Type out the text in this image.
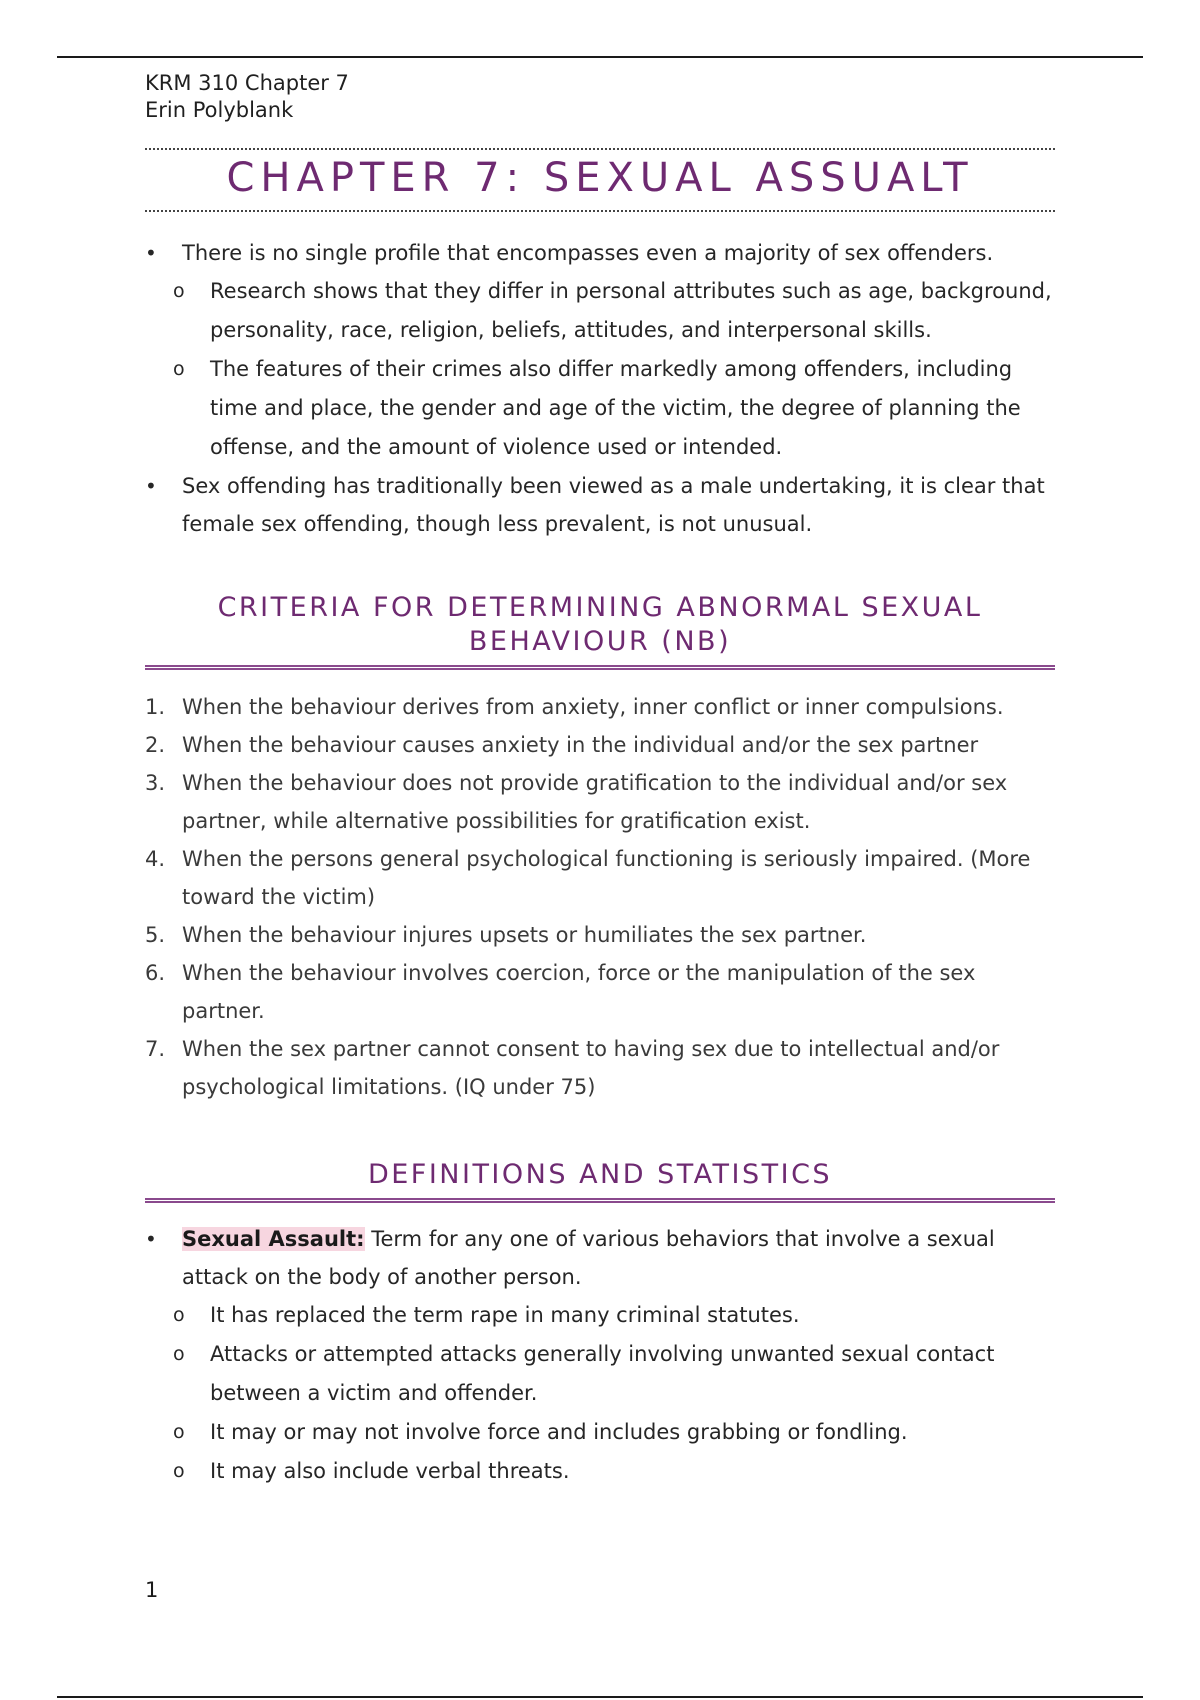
KRM 310 Chapter 7
Erin Polyblank
CHAPTER 7: SEXUAL ASSUALT
• There is no single profile that encompasses even a majority of sex offenders.
o Research shows that they differ in personal attributes such as age, background, personality, race, religion, beliefs, attitudes, and interpersonal skills.
o The features of their crimes also differ markedly among offenders, including time and place, the gender and age of the victim, the degree of planning the offense, and the amount of violence used or intended.
• Sex offending has traditionally been viewed as a male undertaking, it is clear that female sex offending, though less prevalent, is not unusual.
CRITERIA FOR DETERMINING ABNORMAL SEXUAL BEHAVIOUR (NB)
1. When the behaviour derives from anxiety, inner conflict or inner compulsions.
2. When the behaviour causes anxiety in the individual and/or the sex partner
3. When the behaviour does not provide gratification to the individual and/or sex partner, while alternative possibilities for gratification exist.
4. When the persons general psychological functioning is seriously impaired. (More toward the victim)
5. When the behaviour injures upsets or humiliates the sex partner.
6. When the behaviour involves coercion, force or the manipulation of the sex partner.
7. When the sex partner cannot consent to having sex due to intellectual and/or psychological limitations. (IQ under 75)
DEFINITIONS AND STATISTICS
• Sexual Assault: Term for any one of various behaviors that involve a sexual attack on the body of another person.
o It has replaced the term rape in many criminal statutes.
o Attacks or attempted attacks generally involving unwanted sexual contact between a victim and offender.
o It may or may not involve force and includes grabbing or fondling.
o It may also include verbal threats.
1
